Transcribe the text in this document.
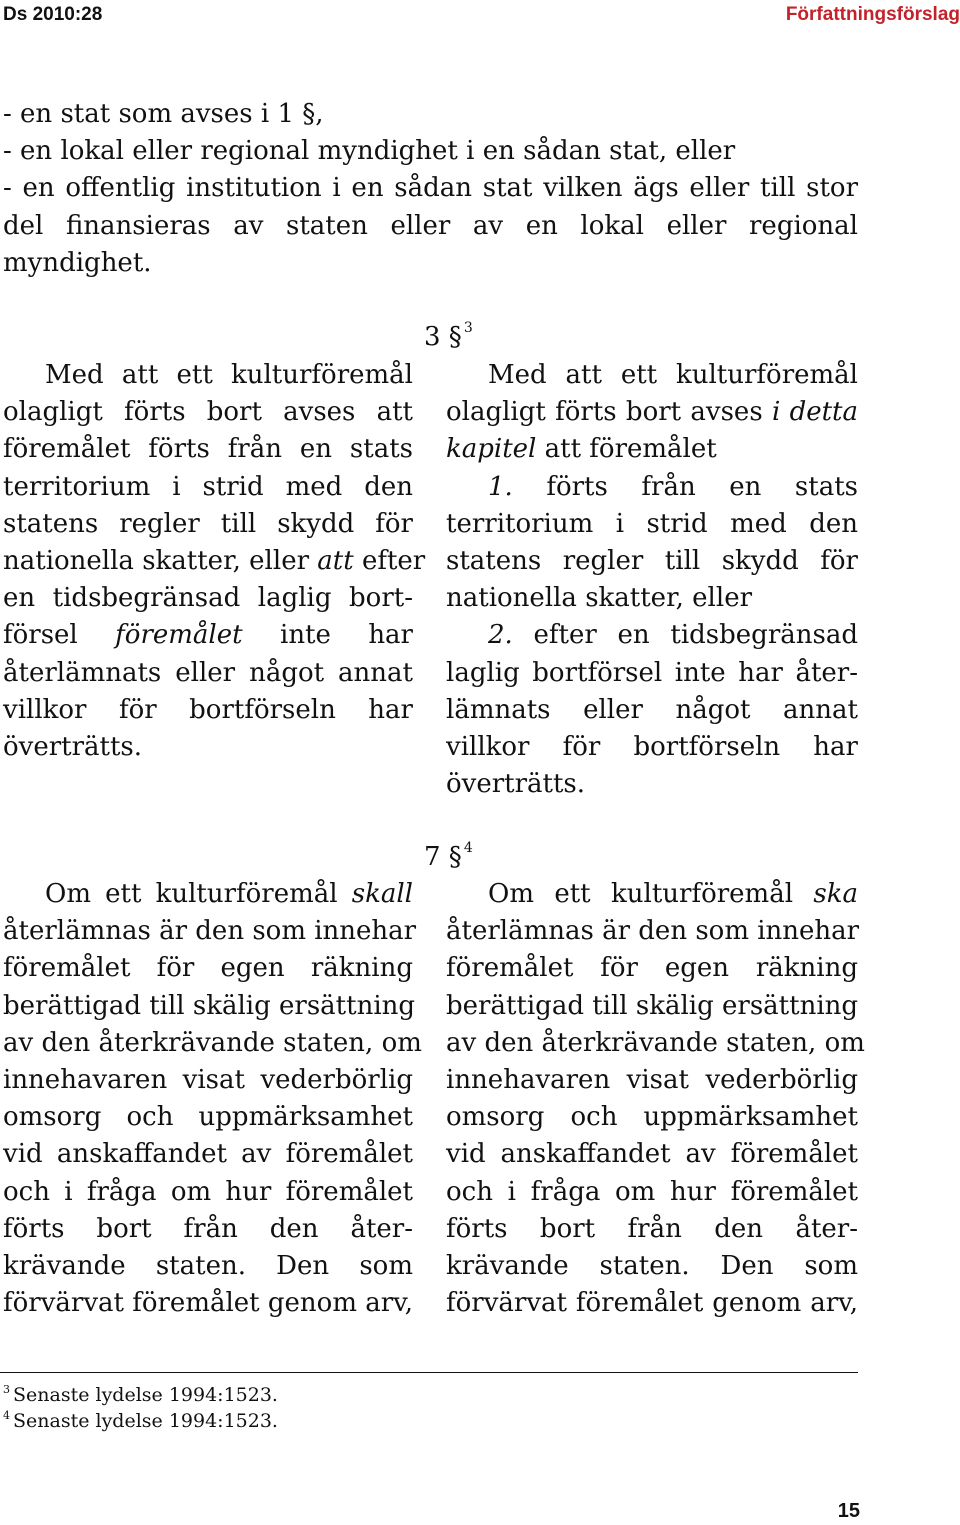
Ds 2010:28	Författningsförslag
- en stat som avses i 1 §,
- en lokal eller regional myndighet i en sådan stat, eller
- en offentlig institution i en sådan stat vilken ägs eller till stor
del finansieras av staten eller av en lokal eller regional
myndighet.
3 § $^3$
Med att ett kulturföremål
olagligt förts bort avses att
föremålet förts från en stats
territorium i strid med den
statens regler till skydd för
nationella skatter, eller att efter
en tidsbegränsad laglig bort-
försel föremålet inte har
återlämnats eller något annat
villkor för bortförseln har
överträtts.
Med att ett kulturföremål
olagligt förts bort avses i detta
kapitel att föremålet
1. förts från en stats
territorium i strid med den
statens regler till skydd för
nationella skatter, eller
2. efter en tidsbegränsad
laglig bortförsel inte har åter-
lämnats eller något annat
villkor för bortförseln har
överträtts.
7 § $^4$
Om ett kulturföremål skall
återlämnas är den som innehar
föremålet för egen räkning
berättigad till skälig ersättning
av den återkrävande staten, om
innehavaren visat vederbörlig
omsorg och uppmärksamhet
vid anskaffandet av föremålet
och i fråga om hur föremålet
förts bort från den åter-
krävande staten. Den som
förvärvat föremålet genom arv,
Om ett kulturföremål ska
återlämnas är den som innehar
föremålet för egen räkning
berättigad till skälig ersättning
av den återkrävande staten, om
innehavaren visat vederbörlig
omsorg och uppmärksamhet
vid anskaffandet av föremålet
och i fråga om hur föremålet
förts bort från den åter-
krävande staten. Den som
förvärvat föremålet genom arv,
$^3$ Senaste lydelse 1994:1523.
$^4$ Senaste lydelse 1994:1523.
15
